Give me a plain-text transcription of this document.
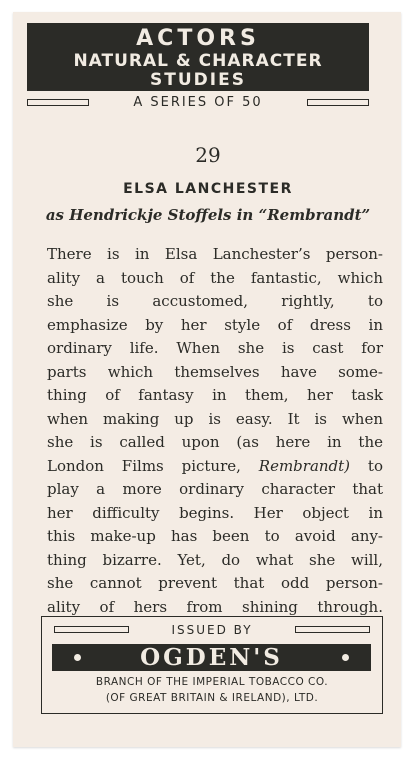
ACTORS
NATURAL & CHARACTER
STUDIES
A SERIES OF 50
29
ELSA LANCHESTER
as Hendrickje Stoffels in “Rembrandt”
There is in Elsa Lanchester’s person-
ality a touch of the fantastic, which
she is accustomed, rightly, to
emphasize by her style of dress in
ordinary life. When she is cast for
parts which themselves have some-
thing of fantasy in them, her task
when making up is easy. It is when
she is called upon (as here in the
London Films picture, Rembrandt) to
play a more ordinary character that
her difficulty begins. Her object in
this make-up has been to avoid any-
thing bizarre. Yet, do what she will,
she cannot prevent that odd person-
ality of hers from shining through.
ISSUED BY
OGDEN'S
BRANCH OF THE IMPERIAL TOBACCO CO.
(OF GREAT BRITAIN & IRELAND), LTD.
